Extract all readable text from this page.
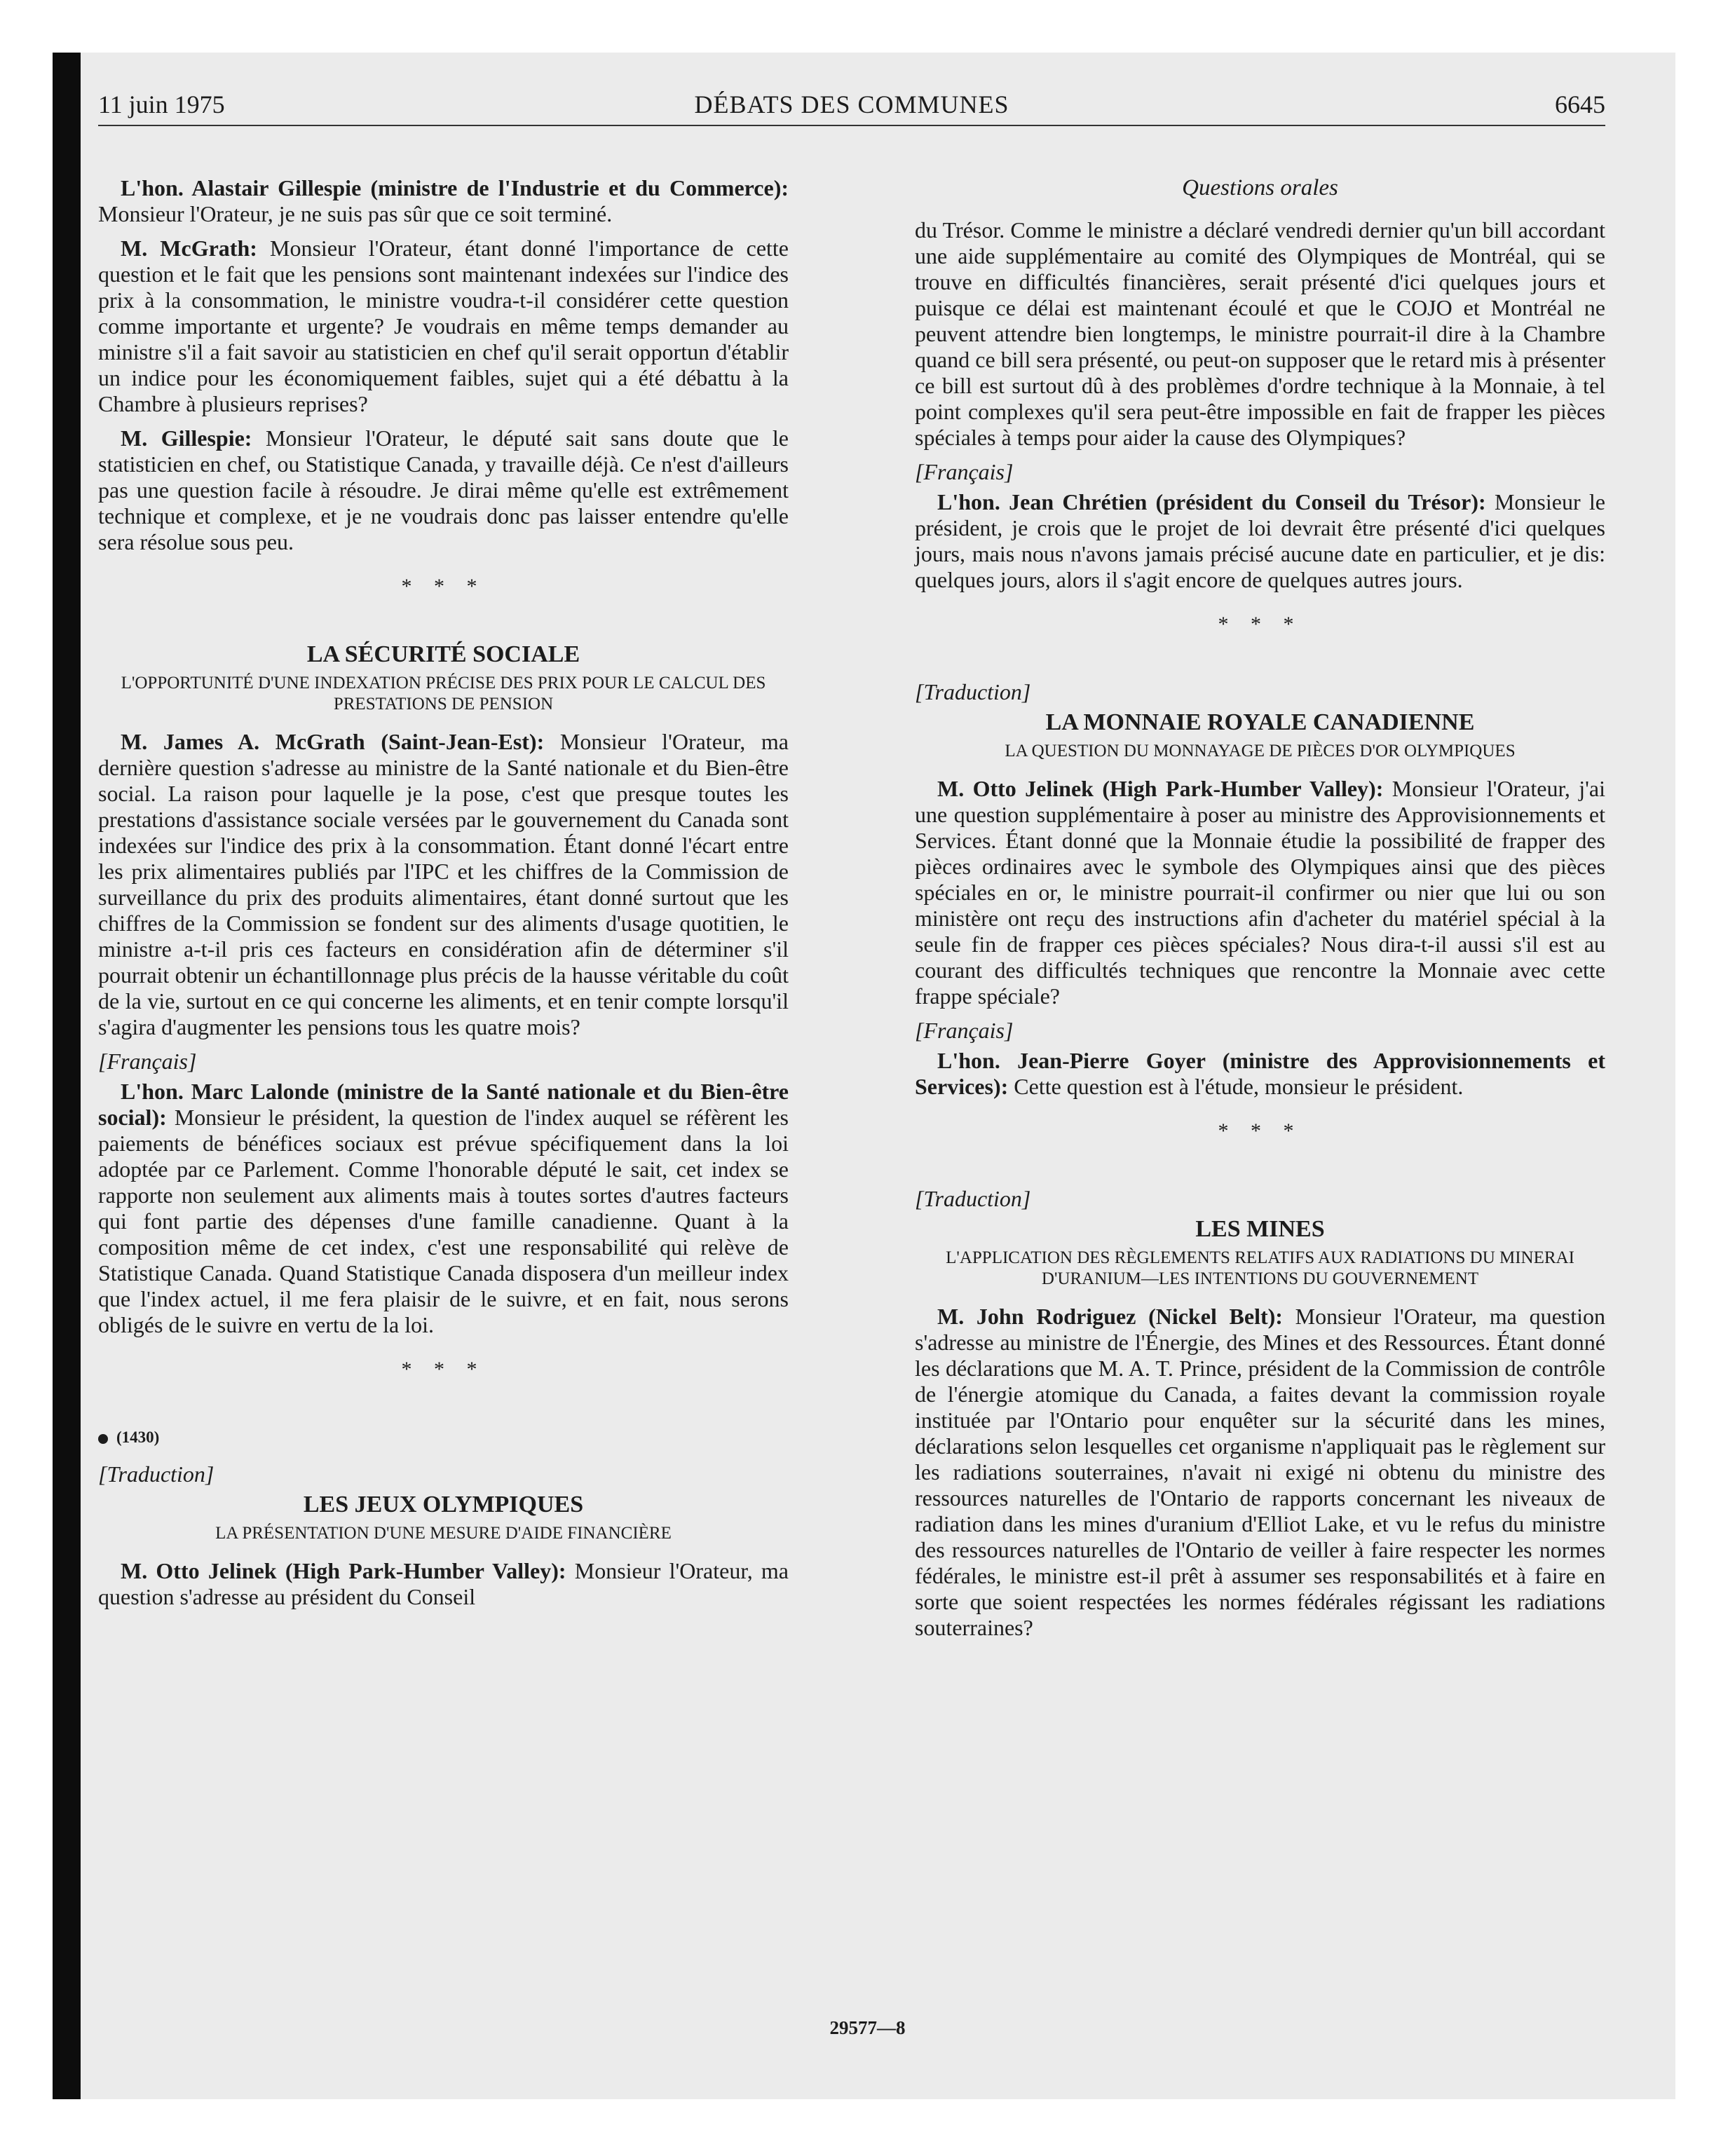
11 juin 1975	DÉBATS DES COMMUNES	6645
Questions orales

L'hon. Alastair Gillespie (ministre de l'Industrie et du Commerce): Monsieur l'Orateur, je ne suis pas sûr que ce soit terminé.

M. McGrath: Monsieur l'Orateur, étant donné l'importance de cette question et le fait que les pensions sont maintenant indexées sur l'indice des prix à la consommation, le ministre voudra-t-il considérer cette question comme importante et urgente? Je voudrais en même temps demander au ministre s'il a fait savoir au statisticien en chef qu'il serait opportun d'établir un indice pour les économiquement faibles, sujet qui a été débattu à la Chambre à plusieurs reprises?

M. Gillespie: Monsieur l'Orateur, le député sait sans doute que le statisticien en chef, ou Statistique Canada, y travaille déjà. Ce n'est d'ailleurs pas une question facile à résoudre. Je dirai même qu'elle est extrêmement technique et complexe, et je ne voudrais donc pas laisser entendre qu'elle sera résolue sous peu.

* * *
LA SÉCURITÉ SOCIALE
L'OPPORTUNITÉ D'UNE INDEXATION PRÉCISE DES PRIX POUR LE CALCUL DES PRESTATIONS DE PENSION

M. James A. McGrath (Saint-Jean-Est): Monsieur l'Orateur, ma dernière question s'adresse au ministre de la Santé nationale et du Bien-être social. La raison pour laquelle je la pose, c'est que presque toutes les prestations d'assistance sociale versées par le gouvernement du Canada sont indexées sur l'indice des prix à la consommation. Étant donné l'écart entre les prix alimentaires publiés par l'IPC et les chiffres de la Commission de surveillance du prix des produits alimentaires, étant donné surtout que les chiffres de la Commission se fondent sur des aliments d'usage quotitien, le ministre a-t-il pris ces facteurs en considération afin de déterminer s'il pourrait obtenir un échantillonnage plus précis de la hausse véritable du coût de la vie, surtout en ce qui concerne les aliments, et en tenir compte lorsqu'il s'agira d'augmenter les pensions tous les quatre mois?

[Français]

L'hon. Marc Lalonde (ministre de la Santé nationale et du Bien-être social): Monsieur le président, la question de l'index auquel se réfèrent les paiements de bénéfices sociaux est prévue spécifiquement dans la loi adoptée par ce Parlement. Comme l'honorable député le sait, cet index se rapporte non seulement aux aliments mais à toutes sortes d'autres facteurs qui font partie des dépenses d'une famille canadienne. Quant à la composition même de cet index, c'est une responsabilité qui relève de Statistique Canada. Quand Statistique Canada disposera d'un meilleur index que l'index actuel, il me fera plaisir de le suivre, et en fait, nous serons obligés de le suivre en vertu de la loi.

* * *
(1430)
[Traduction]
LES JEUX OLYMPIQUES
LA PRÉSENTATION D'UNE MESURE D'AIDE FINANCIÈRE

M. Otto Jelinek (High Park-Humber Valley): Monsieur l'Orateur, ma question s'adresse au président du Conseil

du Trésor. Comme le ministre a déclaré vendredi dernier qu'un bill accordant une aide supplémentaire au comité des Olympiques de Montréal, qui se trouve en difficultés financières, serait présenté d'ici quelques jours et puisque ce délai est maintenant écoulé et que le COJO et Montréal ne peuvent attendre bien longtemps, le ministre pourrait-il dire à la Chambre quand ce bill sera présenté, ou peut-on supposer que le retard mis à présenter ce bill est surtout dû à des problèmes d'ordre technique à la Monnaie, à tel point complexes qu'il sera peut-être impossible en fait de frapper les pièces spéciales à temps pour aider la cause des Olympiques?

[Français]

L'hon. Jean Chrétien (président du Conseil du Trésor): Monsieur le président, je crois que le projet de loi devrait être présenté d'ici quelques jours, mais nous n'avons jamais précisé aucune date en particulier, et je dis: quelques jours, alors il s'agit encore de quelques autres jours.

* * *
[Traduction]
LA MONNAIE ROYALE CANADIENNE
LA QUESTION DU MONNAYAGE DE PIÈCES D'OR OLYMPIQUES

M. Otto Jelinek (High Park-Humber Valley): Monsieur l'Orateur, j'ai une question supplémentaire à poser au ministre des Approvisionnements et Services. Étant donné que la Monnaie étudie la possibilité de frapper des pièces ordinaires avec le symbole des Olympiques ainsi que des pièces spéciales en or, le ministre pourrait-il confirmer ou nier que lui ou son ministère ont reçu des instructions afin d'acheter du matériel spécial à la seule fin de frapper ces pièces spéciales? Nous dira-t-il aussi s'il est au courant des difficultés techniques que rencontre la Monnaie avec cette frappe spéciale?

[Français]

L'hon. Jean-Pierre Goyer (ministre des Approvisionnements et Services): Cette question est à l'étude, monsieur le président.

* * *
[Traduction]
LES MINES
L'APPLICATION DES RÈGLEMENTS RELATIFS AUX RADIATIONS DU MINERAI D'URANIUM—LES INTENTIONS DU GOUVERNEMENT

M. John Rodriguez (Nickel Belt): Monsieur l'Orateur, ma question s'adresse au ministre de l'Énergie, des Mines et des Ressources. Étant donné les déclarations que M. A. T. Prince, président de la Commission de contrôle de l'énergie atomique du Canada, a faites devant la commission royale instituée par l'Ontario pour enquêter sur la sécurité dans les mines, déclarations selon lesquelles cet organisme n'appliquait pas le règlement sur les radiations souterraines, n'avait ni exigé ni obtenu du ministre des ressources naturelles de l'Ontario de rapports concernant les niveaux de radiation dans les mines d'uranium d'Elliot Lake, et vu le refus du ministre des ressources naturelles de l'Ontario de veiller à faire respecter les normes fédérales, le ministre est-il prêt à assumer ses responsabilités et à faire en sorte que soient respectées les normes fédérales régissant les radiations souterraines?

29577—8
